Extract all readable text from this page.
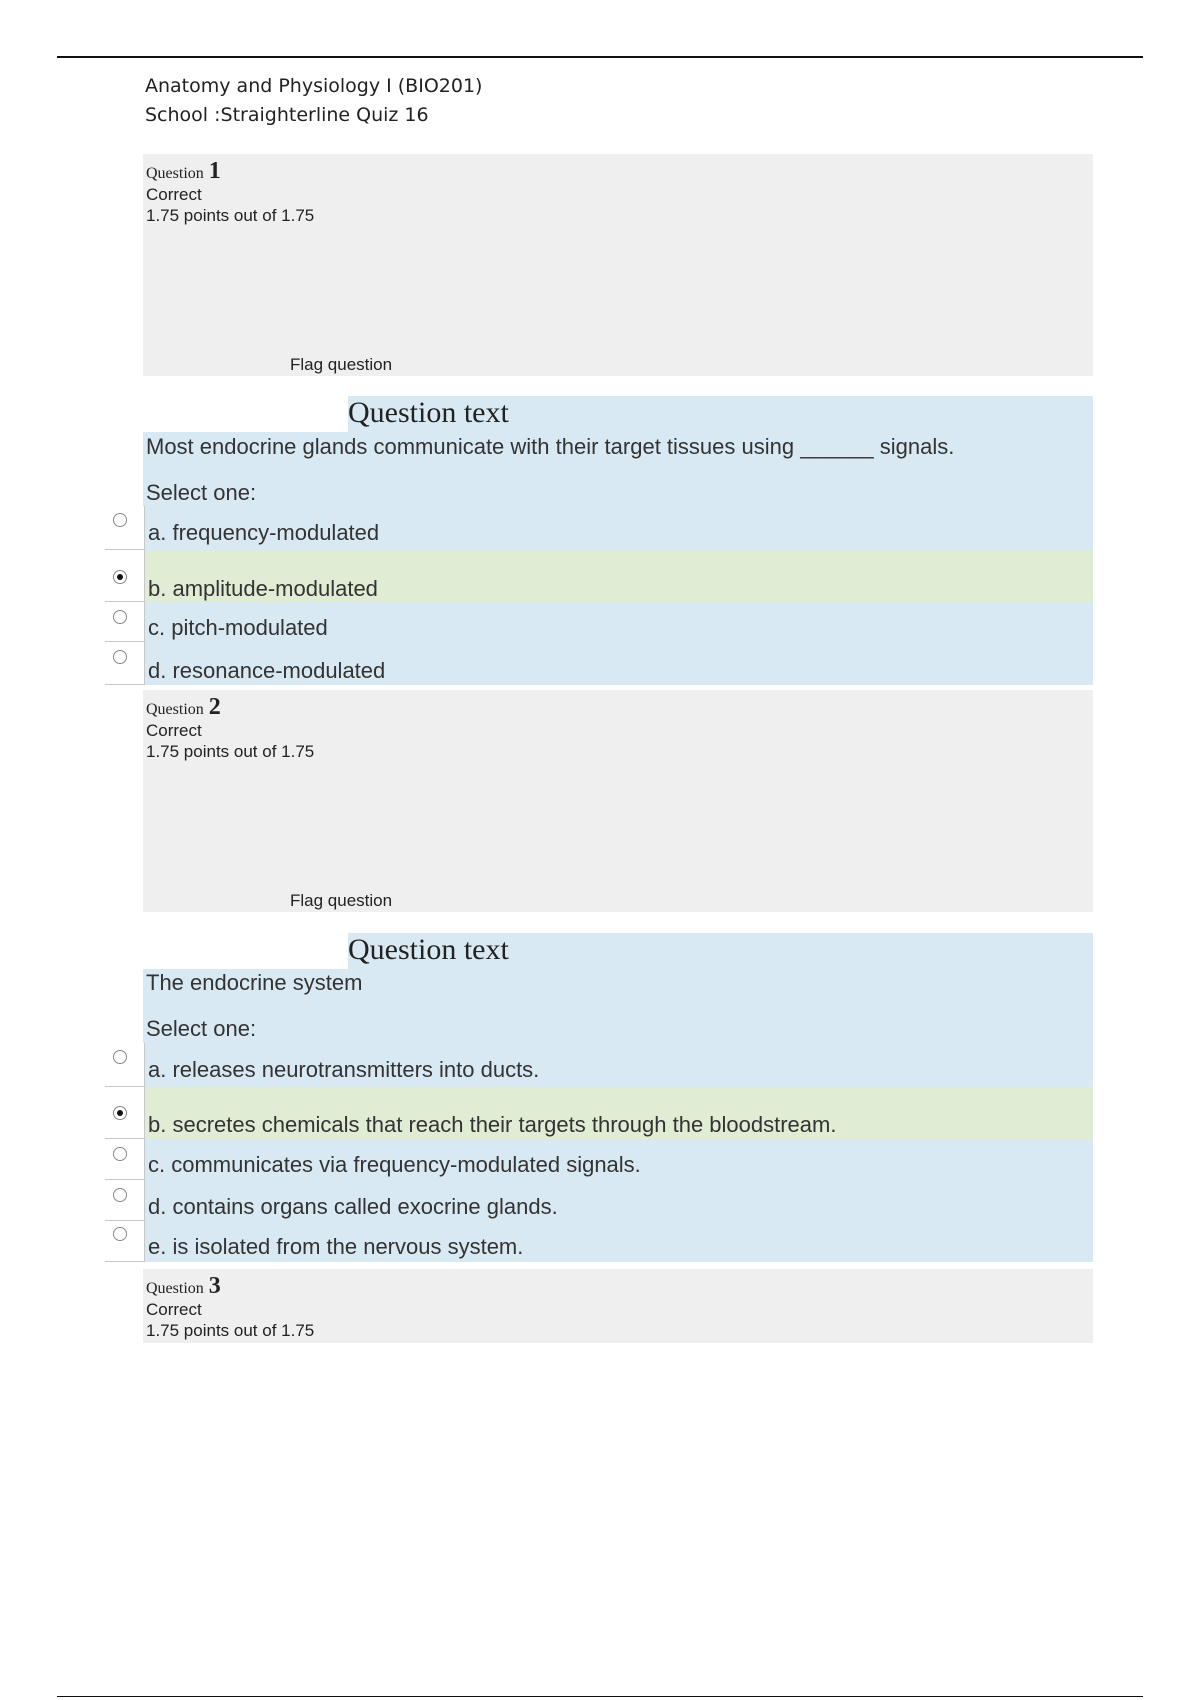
Anatomy and Physiology I (BIO201)
School :Straighterline Quiz 16
Question 1
Correct
1.75 points out of 1.75
Flag question
Most endocrine glands communicate with their target tissues using ______ signals.
Select one:
Question text
a. frequency-modulated
b. amplitude-modulated
c. pitch-modulated
d. resonance-modulated
Question 2
Correct
1.75 points out of 1.75
Flag question
The endocrine system
Select one:
Question text
a. releases neurotransmitters into ducts.
b. secretes chemicals that reach their targets through the bloodstream.
c. communicates via frequency-modulated signals.
d. contains organs called exocrine glands.
e. is isolated from the nervous system.
Question 3
Correct
1.75 points out of 1.75
